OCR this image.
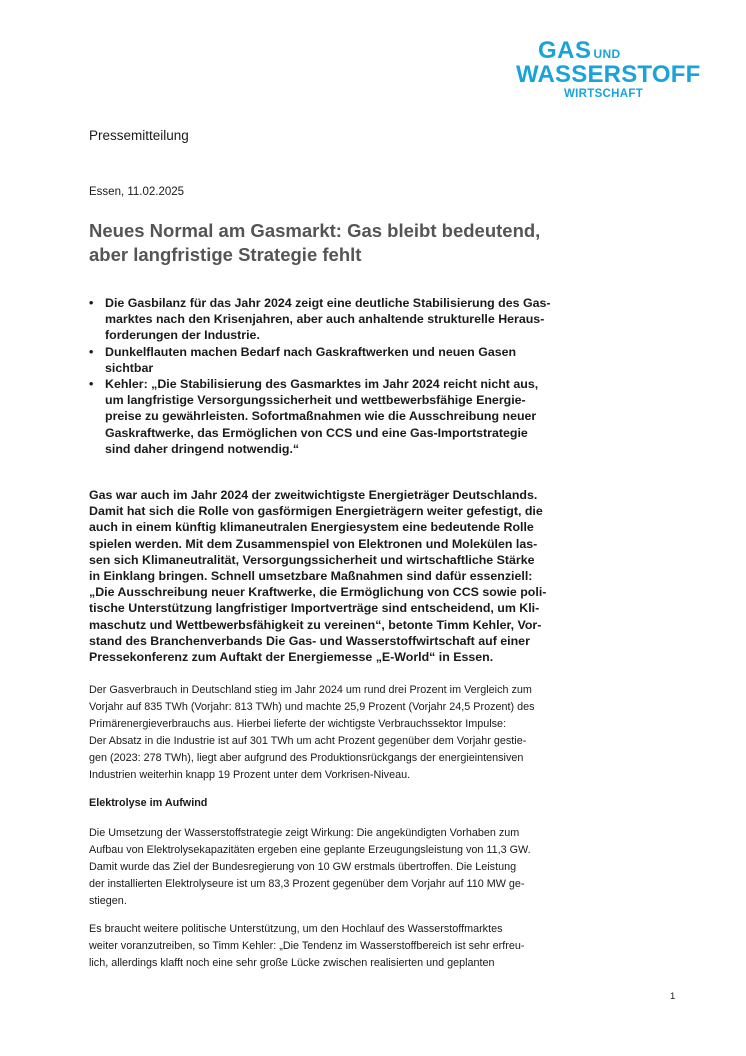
GAS UND
WASSERSTOFF
WIRTSCHAFT
Pressemitteilung
Essen, 11.02.2025
Neues Normal am Gasmarkt: Gas bleibt bedeutend,
aber langfristige Strategie fehlt
• Die Gasbilanz für das Jahr 2024 zeigt eine deutliche Stabilisierung des Gas-
marktes nach den Krisenjahren, aber auch anhaltende strukturelle Heraus-
forderungen der Industrie.
• Dunkelflauten machen Bedarf nach Gaskraftwerken und neuen Gasen
sichtbar
• Kehler: „Die Stabilisierung des Gasmarktes im Jahr 2024 reicht nicht aus,
um langfristige Versorgungssicherheit und wettbewerbsfähige Energie-
preise zu gewährleisten. Sofortmaßnahmen wie die Ausschreibung neuer
Gaskraftwerke, das Ermöglichen von CCS und eine Gas-Importstrategie
sind daher dringend notwendig.“

Gas war auch im Jahr 2024 der zweitwichtigste Energieträger Deutschlands.
Damit hat sich die Rolle von gasförmigen Energieträgern weiter gefestigt, die
auch in einem künftig klimaneutralen Energiesystem eine bedeutende Rolle
spielen werden. Mit dem Zusammenspiel von Elektronen und Molekülen las-
sen sich Klimaneutralität, Versorgungssicherheit und wirtschaftliche Stärke
in Einklang bringen. Schnell umsetzbare Maßnahmen sind dafür essenziell:
„Die Ausschreibung neuer Kraftwerke, die Ermöglichung von CCS sowie poli-
tische Unterstützung langfristiger Importverträge sind entscheidend, um Kli-
maschutz und Wettbewerbsfähigkeit zu vereinen“, betonte Timm Kehler, Vor-
stand des Branchenverbands Die Gas- und Wasserstoffwirtschaft auf einer
Pressekonferenz zum Auftakt der Energiemesse „E-World“ in Essen.

Der Gasverbrauch in Deutschland stieg im Jahr 2024 um rund drei Prozent im Vergleich zum
Vorjahr auf 835 TWh (Vorjahr: 813 TWh) und machte 25,9 Prozent (Vorjahr 24,5 Prozent) des
Primärenergieverbrauchs aus. Hierbei lieferte der wichtigste Verbrauchssektor Impulse:
Der Absatz in die Industrie ist auf 301 TWh um acht Prozent gegenüber dem Vorjahr gestie-
gen (2023: 278 TWh), liegt aber aufgrund des Produktionsrückgangs der energieintensiven
Industrien weiterhin knapp 19 Prozent unter dem Vorkrisen-Niveau.

Elektrolyse im Aufwind

Die Umsetzung der Wasserstoffstrategie zeigt Wirkung: Die angekündigten Vorhaben zum
Aufbau von Elektrolysekapazitäten ergeben eine geplante Erzeugungsleistung von 11,3 GW.
Damit wurde das Ziel der Bundesregierung von 10 GW erstmals übertroffen. Die Leistung
der installierten Elektrolyseure ist um 83,3 Prozent gegenüber dem Vorjahr auf 110 MW ge-
stiegen.

Es braucht weitere politische Unterstützung, um den Hochlauf des Wasserstoffmarktes
weiter voranzutreiben, so Timm Kehler: „Die Tendenz im Wasserstoffbereich ist sehr erfreu-
lich, allerdings klafft noch eine sehr große Lücke zwischen realisierten und geplanten

1
